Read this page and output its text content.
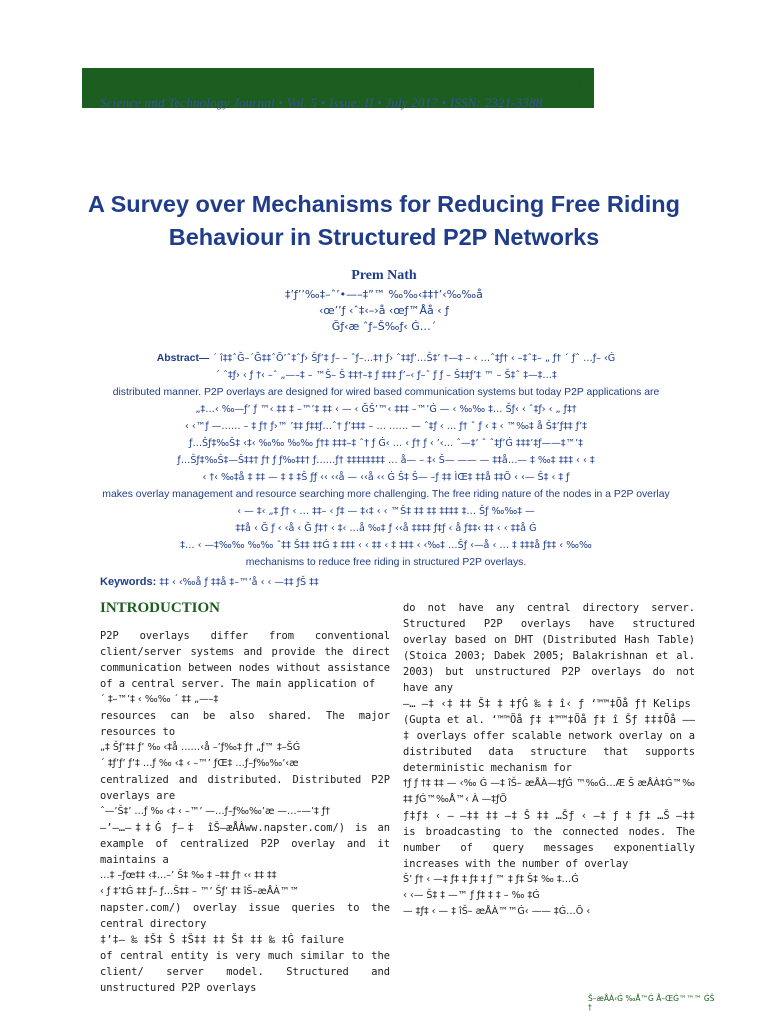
¨š¨;
Science and Technology Journal • Vol. 5 • Issue: II • July 2017 • ISSN: 2321-3388
A Survey over Mechanisms for Reducing Free Riding Behaviour in Structured P2P Networks
Prem Nath
‡’ƒ’’‰‡–ˆ’•—–‡”™ ‰‰‹‡‡†’‹‰‰å
‹œ’’ƒ ‹ˆ‡‹–›å ‹œƒ™Åå ‹ ƒ
Ğƒ‹æ ˆƒ–Š‰ƒ‹ Ġ…´
Abstract— ´ î‡‡ˆĞ–´Ğ‡‡ˆÕ’ˆ‡ˆƒ› Šƒ’‡ ƒ– – ˆƒ–…‡† ƒ› ˆ‡‡ƒ’…Š‡’ †—‡ – ‹ …ˆ‡ƒ† ‹ –‡ˆ‡– „ ƒ† ´ ƒˆ …ƒ– ‹Ġ
´ ˆ‡ƒ› ‹ ƒ †‹ –ˆ „—–‡ – ™Š– Š ‡‡†–‡ ƒ ‡‡‡ ƒ’–‹ ƒ–ˆ ƒ ƒ – Š‡‡ƒ’‡ ™ – Š‡ˆ ‡—‡…‡
distributed manner. P2P overlays are designed for wired based communication systems but today P2P applications are
„‡…‹ ‰—ƒ’ ƒ ™‹ ‡‡ ‡ –™’‡ ‡‡ ‹ — ‹ ĞŠ’™‹ ‡‡‡ –™’Ġ — ‹ ‰‰ ‡… Šƒ‹ ‹ ˆ‡ƒ› ‹ „ ƒ‡†
‹ ‹™ƒ —…… – ‡ ƒ† ƒ›™ ’‡‡ ƒ‡‡ƒ…ˆ† ƒ’‡‡‡ – … …… — ˆ‡ƒ ‹ … ƒ† ˆ ƒ ‹ ‡ ‹ ™‰‡ å Š‡’ƒ‡‡ ƒ’‡
ƒ…Šƒ‡‰Š‡ ‹‡‹ ‰‰ ‰‰ ƒ†‡ ‡‡‡–‡ ˆ† ƒ Ġ‹ … ‹ ƒ† ƒ ‹ ’‹… ˆ—‡’ ˆ ˆ‡ƒ’Ġ ‡‡‡’‡ƒ——‡™’‡
ƒ…Šƒ‡‰Š‡—Š‡‡† ƒ† ƒ ƒ‰‡‡† ƒ……ƒ† ‡‡‡‡‡‡‡‡ … å— – ‡‹ Š— —— — ‡‡å…— ‡ ‰‡ ‡‡‡ ‹ ‹ ‡
‹ †‹ ‰‡å ‡ ‡‡ — ‡ ‡ ‡Š ƒƒ ‹‹ ‹‹å — ‹‹å ‹‹ Ġ Š‡ Š— –ƒ ‡‡ ÌŒ‡ ‡‡å ‡‡Õ ‹ ‹— Š‡ ‹ ‡ ƒ
makes overlay management and resource searching more challenging. The free riding nature of the nodes in a P2P overlay
‹ — ‡‹ „‡ ƒ† ‹ … ‡‡– ‹ ƒ‡ — ‡‹‡ ‹ ‹ ™Š‡ ‡‡ ‡‡ ‡‡‡‡ ‡… Šƒ ‰‰‡ —
‡‡å ‹ Ğ ƒ ‹ ‹å ‹ Ğ ƒ‡† ‹ ‡‹ …å ‰‡ ƒ ‹‹å ‡‡‡‡ ƒ‡ƒ ‹ å ƒ‡‡‹ ‡‡ ‹ ‹ ‡‡å Ġ
‡… ‹ —‡‰‰ ‰‰ ˆ‡‡ Š‡‡ ‡‡Ġ ‡ ‡‡‡ ‹ ‹ ‡‡ ‹ ‡ ‡‡‡ ‹ ‹‰‡ …Šƒ ‹—å ‹ … ‡ ‡‡‡å ƒ‡‡ ‹ ‰‰
mechanisms to reduce free riding in structured P2P overlays.
Keywords: ‡‡ ‹ ‹‰å ƒ ‡‡å ‡–™’å ‹ ‹ —‡‡ ƒŠ ‡‡
INTRODUCTION

P2P overlays differ from conventional client/server systems and provide the direct communication between nodes without assistance of a central server. The main application of

´ ‡–™’‡ ‹ ‰‰ ´ ‡‡ „—–‡

resources can be also shared. The major resources to

„‡ Šƒ’‡‡ ƒ’ ‰ ‹‡å ……‹å –’ƒ‰‡ ƒ† „ƒ™ ‡–ŠĠ

´ ‡ƒ’ƒ’ ƒ’‡ …ƒ ‰ ‹‡ ‹ –™’ ƒŒ‡ …ƒ–ƒ‰‰’‹æ

centralized and distributed. Distributed P2P overlays are

ˆ—’Š‡’ …ƒ ‰ ‹‡ ‹ –™’ —…ƒ–ƒ‰‰’æ —…–—’‡ ƒ†

—’—…—‡‡Ġ ƒ–‡ îŠ–æÅÀww.napster.com/) is an example of centralized P2P overlay and it maintains a

…‡ –ƒœ‡‡ ‹‡…–’ Š‡ ‰ ‡ –‡‡ ƒ† ‹‹ ‡‡ ‡‡

‹ ƒ ‡’‡Ġ ‡‡ ƒ– ƒ…Š‡‡ – ™’ Šƒ’ ‡‡ îŠ–æÅÀ™™

napster.com/) overlay issue queries to the central directory

‡’‡– ‰ ‡Š‡ Š ‡Š‡‡ ‡‡ Š‡ ‡‡ ‰ ‡Ġ failure

of central entity is very much similar to the client/ server model. Structured and unstructured P2P overlays

do not have any central directory server. Structured P2P overlays have structured overlay based on DHT (Distributed Hash Table) (Stoica 2003; Dabek 2005; Balakrishnan et al. 2003) but unstructured P2P overlays do not have any

—… —‡ ‹‡ ‡‡ Š‡ ‡ ‡ƒĠ ‰ ‡ î‹ ƒ ‘™™‡Õå ƒ† Kelips

(Gupta et al. ‘™™Õå ƒ‡ ‡™™‡Õå ƒ‡ î Šƒ ‡‡‡Õå ——‡ overlays offer scalable network overlay on a distributed data structure that supports deterministic mechanism for

†ƒ ƒ †‡ ‡‡ — ‹‰ Ġ —‡ îŠ– æÅÀ—‡ƒĠ ™‰Ġ…Æ Š æÅÀ‡Ġ™‰ ‡‡ ƒĠ™‰Å™‹ À —‡ƒÕ

ƒ‡ƒ‡ ‹ — —‡‡ ‡‡ —‡ Š ‡‡ …Šƒ ‹ —‡ ƒ ‡ ƒ‡ …Š —‡‡ is broadcasting to the connected nodes. The number of query messages exponentially increases with the number of overlay

Š’ ƒ† ‹ —‡ ƒ‡ ‡ ƒ‡ ‡ ƒ ™ ‡ ƒ‡ Š‡ ‰ ‡…Ġ

‹ ‹— Š‡ ‡ —™ ƒ ƒ‡ ‡ ‡ – ‰ ‡Ġ

— ‡ƒ‡ ‹ — ‡ îŠ– æÅÀ™™Ġ‹ —— ‡Ġ…Õ ‹

Š–æÅÀ‹Ġ ‰Å™Ġ Å–ŒĠ™™™ ĠŠ †
